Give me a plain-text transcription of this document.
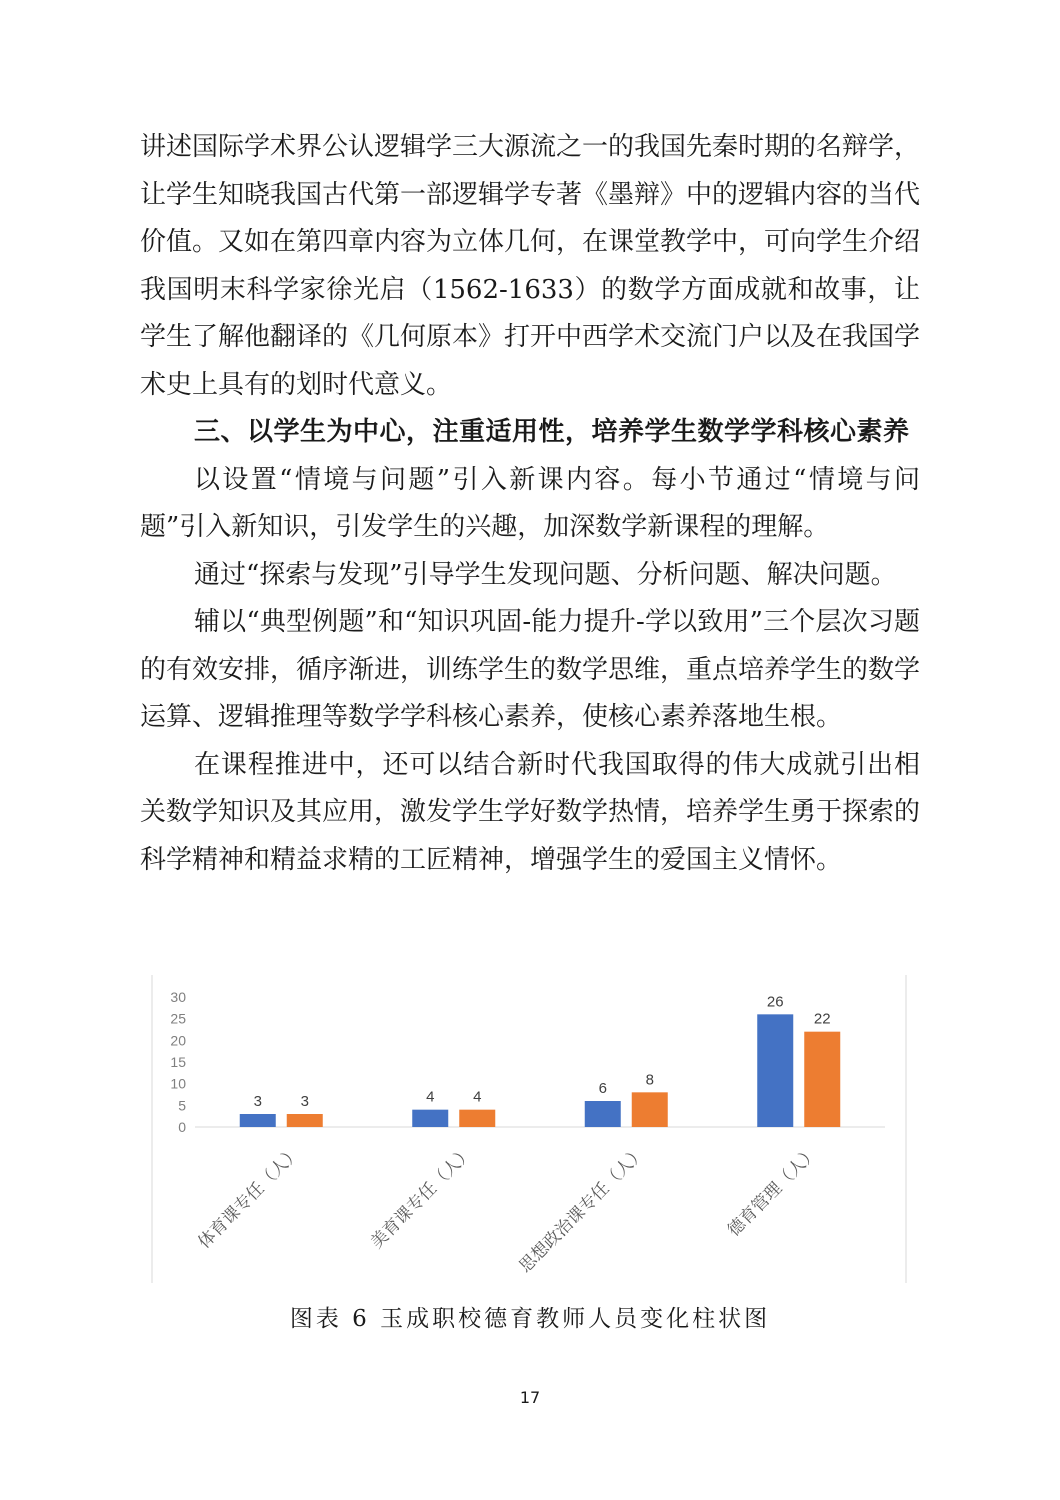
讲述国际学术界公认逻辑学三大源流之一的我国先秦时期的名辩学，让学生知晓我国古代第一部逻辑学专著《墨辩》中的逻辑内容的当代价值。又如在第四章内容为立体几何，在课堂教学中，可向学生介绍我国明末科学家徐光启（1562-1633）的数学方面成就和故事，让学生了解他翻译的《几何原本》打开中西学术交流门户以及在我国学术史上具有的划时代意义。

三、以学生为中心，注重适用性，培养学生数学学科核心素养

以设置“情境与问题”引入新课内容。每小节通过“情境与问题”引入新知识，引发学生的兴趣，加深数学新课程的理解。

通过“探索与发现”引导学生发现问题、分析问题、解决问题。

辅以“典型例题”和“知识巩固-能力提升-学以致用”三个层次习题的有效安排，循序渐进，训练学生的数学思维，重点培养学生的数学运算、逻辑推理等数学学科核心素养，使核心素养落地生根。

在课程推进中，还可以结合新时代我国取得的伟大成就引出相关数学知识及其应用，激发学生学好数学热情，培养学生勇于探索的科学精神和精益求精的工匠精神，增强学生的爱国主义情怀。

0
5
10
15
20
25
30
3	3
体育课专任（人）
4	4
美育课专任（人）
6
8
思想政治课专任（人）
26
22
德育管理（人）
图表 6 玉成职校德育教师人员变化柱状图
17
